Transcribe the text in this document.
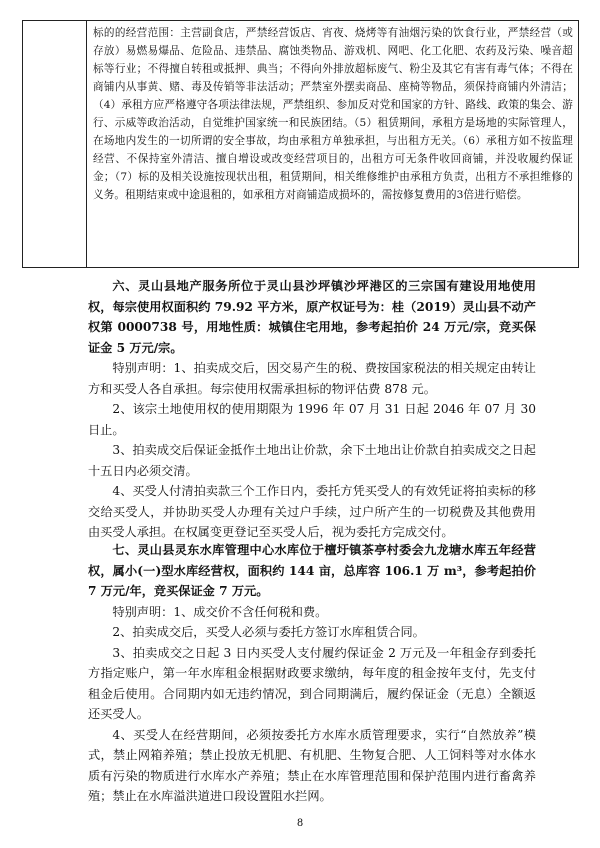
标的的经营范围：主营副食店，严禁经营饭店、宵夜、烧烤等有油烟污染的饮食行业，严禁经营（或存放）易燃易爆品、危险品、违禁品、腐蚀类物品、游戏机、网吧、化工化肥、农药及污染、噪音超标等行业；不得擅自转租或抵押、典当；不得向外排放超标废气、粉尘及其它有害有毒气体；不得在商铺内从事黄、赌、毒及传销等非法活动；严禁室外摆卖商品、座椅等物品，须保持商铺内外清洁；（4）承租方应严格遵守各项法律法规，严禁组织、参加反对党和国家的方针、路线、政策的集会、游行、示威等政治活动，自觉维护国家统一和民族团结。（5）租赁期间，承租方是场地的实际管理人，在场地内发生的一切所谓的安全事故，均由承租方单独承担，与出租方无关。（6）承租方如不按监理经营、不保持室外清洁、擅自增设或改变经营项目的，出租方可无条件收回商铺，并没收履约保证金；（7）标的及相关设施按现状出租，租赁期间，相关维修维护由承租方负责，出租方不承担维修的义务。租期结束或中途退租的，如承租方对商铺造成损坏的，需按修复费用的3倍进行赔偿。

六、灵山县地产服务所位于灵山县沙坪镇沙坪港区的三宗国有建设用地使用权，每宗使用权面积约 79.92 平方米，原产权证号为：桂（2019）灵山县不动产权第 0000738 号，用地性质：城镇住宅用地，参考起拍价 24 万元/宗，竞买保证金 5 万元/宗。

特别声明：1、拍卖成交后，因交易产生的税、费按国家税法的相关规定由转让方和买受人各自承担。每宗使用权需承担标的物评估费 878 元。

2、该宗土地使用权的使用期限为 1996 年 07 月 31 日起 2046 年 07 月 30 日止。

3、拍卖成交后保证金抵作土地出让价款，余下土地出让价款自拍卖成交之日起十五日内必须交清。

4、买受人付清拍卖款三个工作日内，委托方凭买受人的有效凭证将拍卖标的移交给买受人，并协助买受人办理有关过户手续，过户所产生的一切税费及其他费用由买受人承担。在权属变更登记至买受人后，视为委托方完成交付。

七、灵山县灵东水库管理中心水库位于檀圩镇茶亭村委会九龙塘水库五年经营权，属小(一)型水库经营权，面积约 144 亩，总库容 106.1 万 m³，参考起拍价 7 万元/年，竞买保证金 7 万元。

特别声明：1、成交价不含任何税和费。

2、拍卖成交后，买受人必须与委托方签订水库租赁合同。

3、拍卖成交之日起 3 日内买受人支付履约保证金 2 万元及一年租金存到委托方指定账户，第一年水库租金根据财政要求缴纳，每年度的租金按年支付，先支付租金后使用。合同期内如无违约情况，到合同期满后，履约保证金（无息）全额返还买受人。

4、买受人在经营期间，必须按委托方水库水质管理要求，实行“自然放养”模式，禁止网箱养殖；禁止投放无机肥、有机肥、生物复合肥、人工饲料等对水体水质有污染的物质进行水库水产养殖；禁止在水库管理范围和保护范围内进行畜禽养殖；禁止在水库溢洪道进口段设置阻水拦网。

8
